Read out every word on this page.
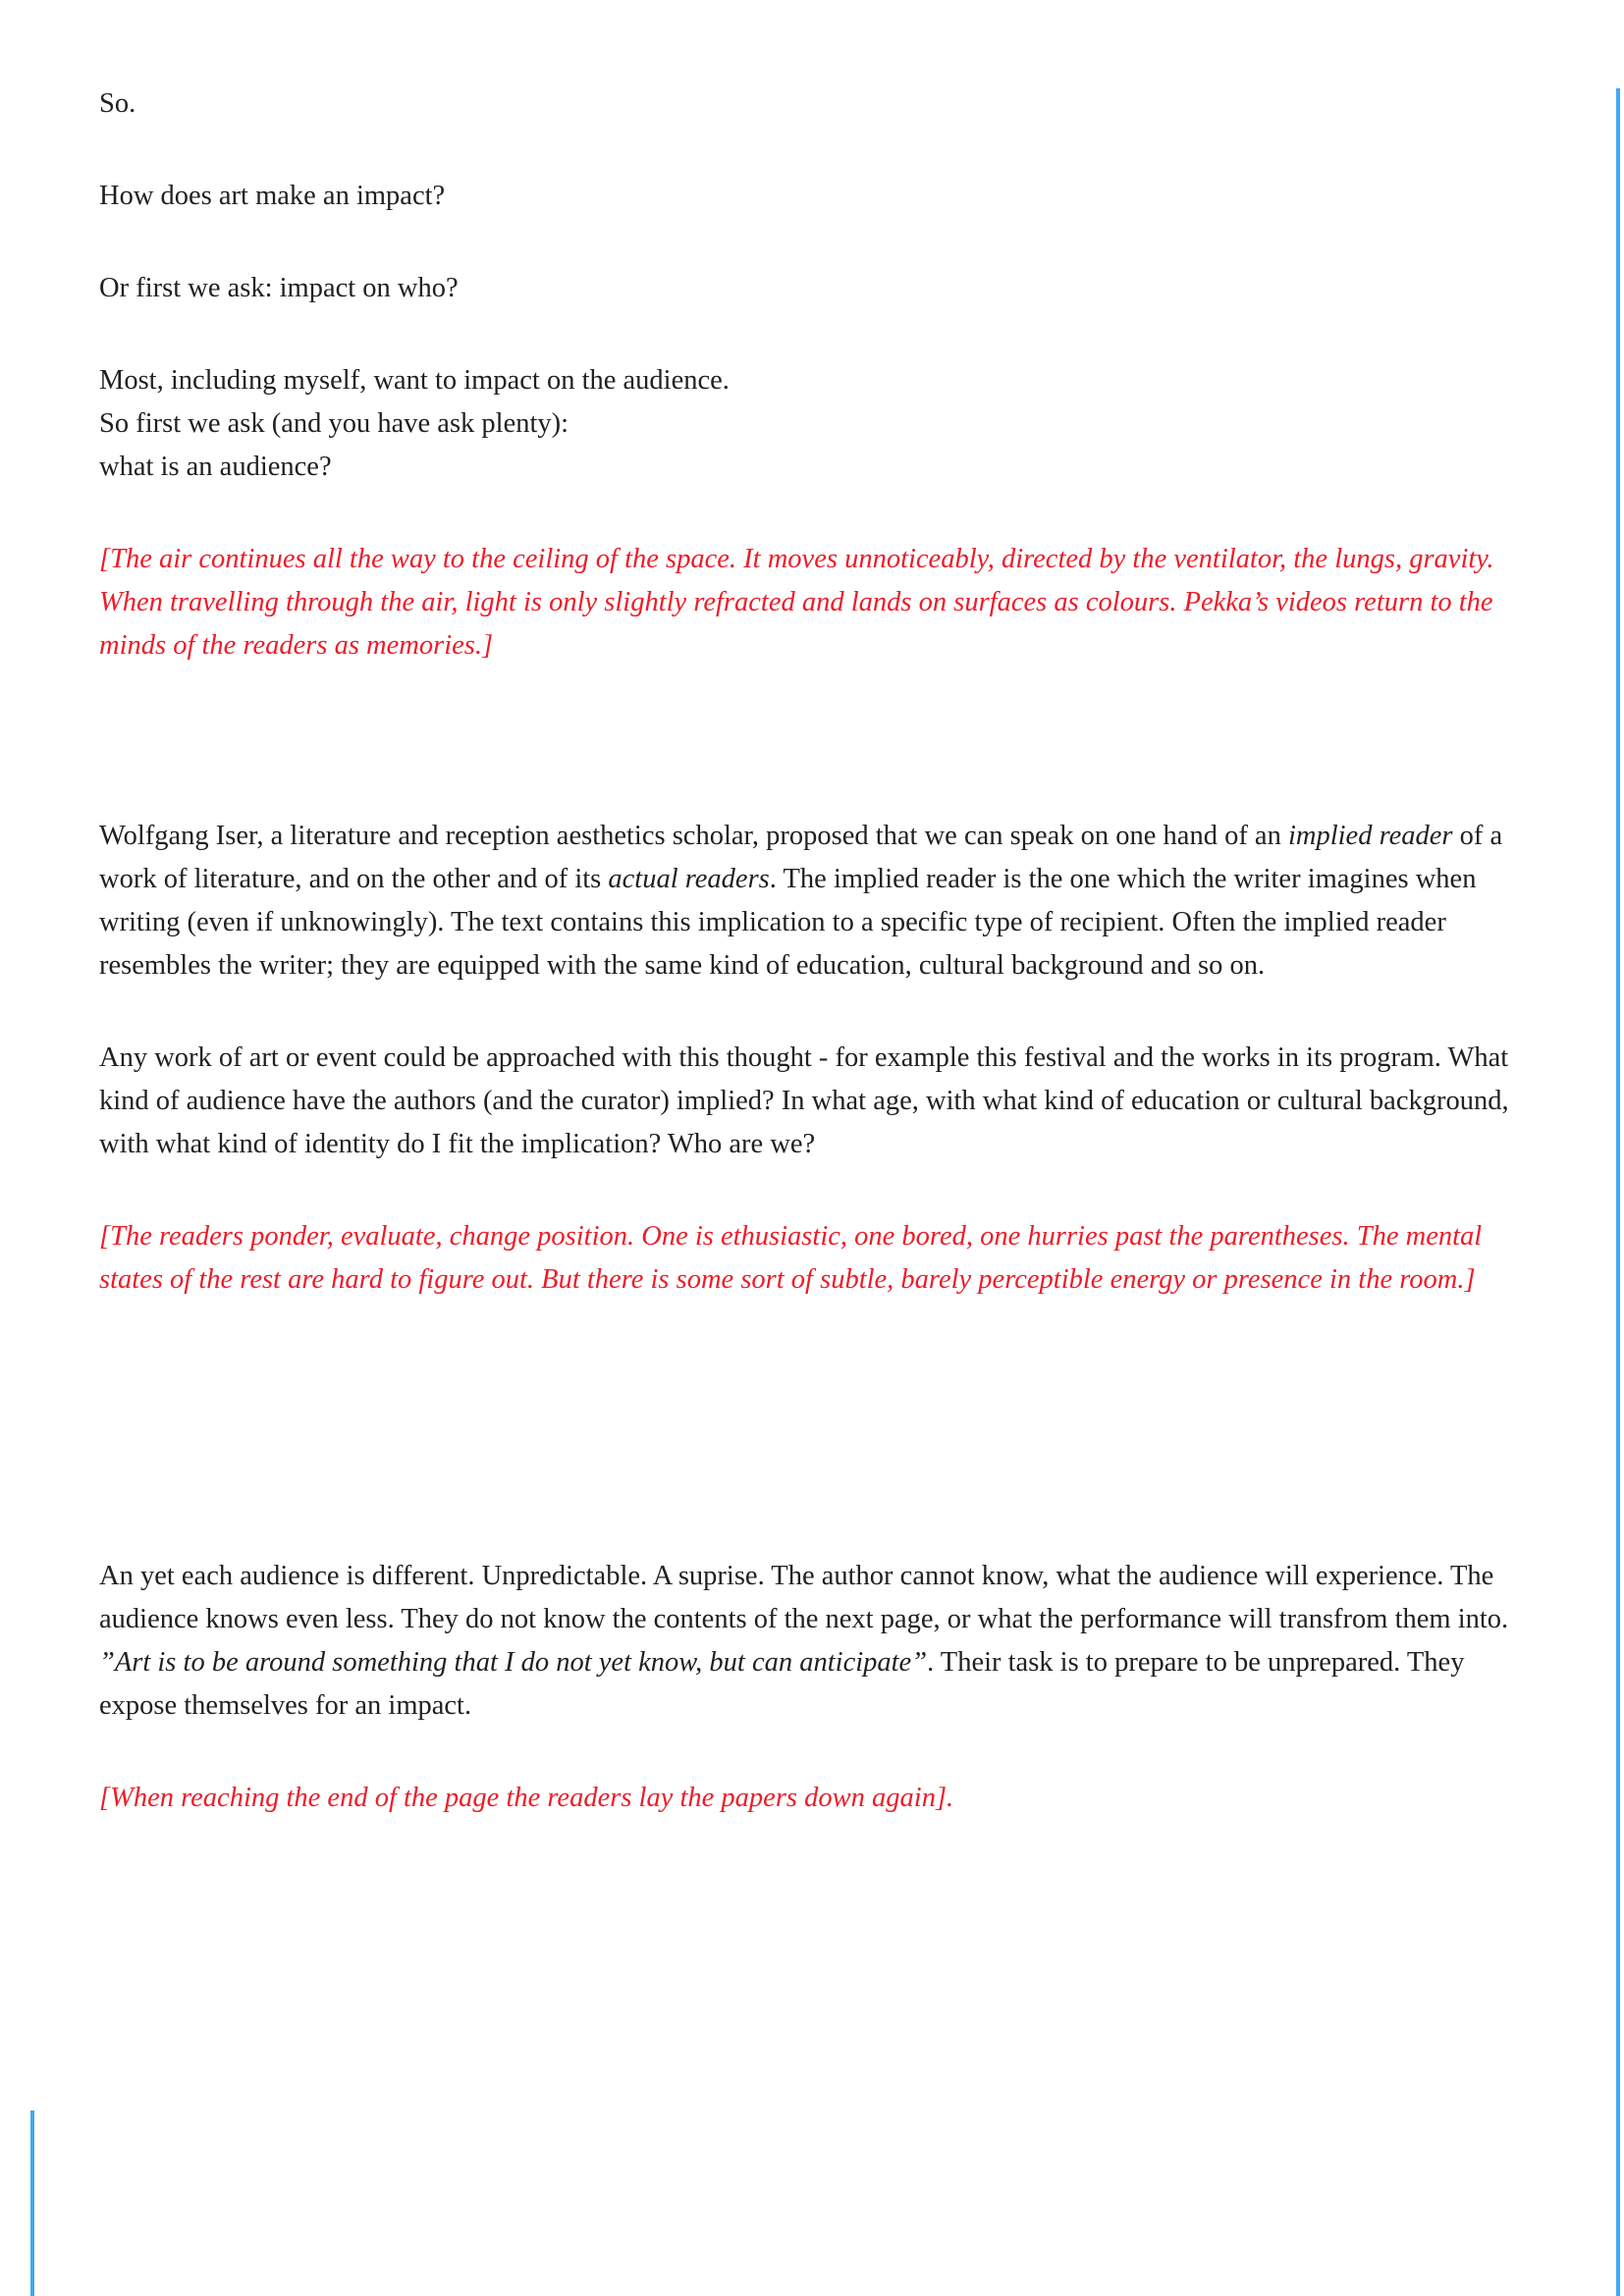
So.

How does art make an impact?

Or first we ask: impact on who?

Most, including myself, want to impact on the audience.
So first we ask (and you have ask plenty):
what is an audience?

[The air continues all the way to the ceiling of the space. It moves unnoticeably, directed by the ventilator, the lungs, gravity. When travelling through the air, light is only slightly refracted and lands on surfaces as colours. Pekka’s videos return to the minds of the readers as memories.]

Wolfgang Iser, a literature and reception aesthetics scholar, proposed that we can speak on one hand of an implied reader of a work of literature, and on the other and of its actual readers. The implied reader is the one which the writer imagines when writing (even if unknowingly). The text contains this implication to a specific type of recipient. Often the implied reader resembles the writer; they are equipped with the same kind of education, cultural background and so on.

Any work of art or event could be approached with this thought - for example this festival and the works in its program. What kind of audience have the authors (and the curator) implied? In what age, with what kind of education or cultural background, with what kind of identity do I fit the implication? Who are we?

[The readers ponder, evaluate, change position. One is ethusiastic, one bored, one hurries past the parentheses. The mental states of the rest are hard to figure out. But there is some sort of subtle, barely perceptible energy or presence in the room.]

An yet each audience is different. Unpredictable. A suprise. The author cannot know, what the audience will experience. The audience knows even less. They do not know the contents of the next page, or what the performance will transfrom them into. ”Art is to be around something that I do not yet know, but can anticipate”. Their task is to prepare to be unprepared. They expose themselves for an impact.

[When reaching the end of the page the readers lay the papers down again].
